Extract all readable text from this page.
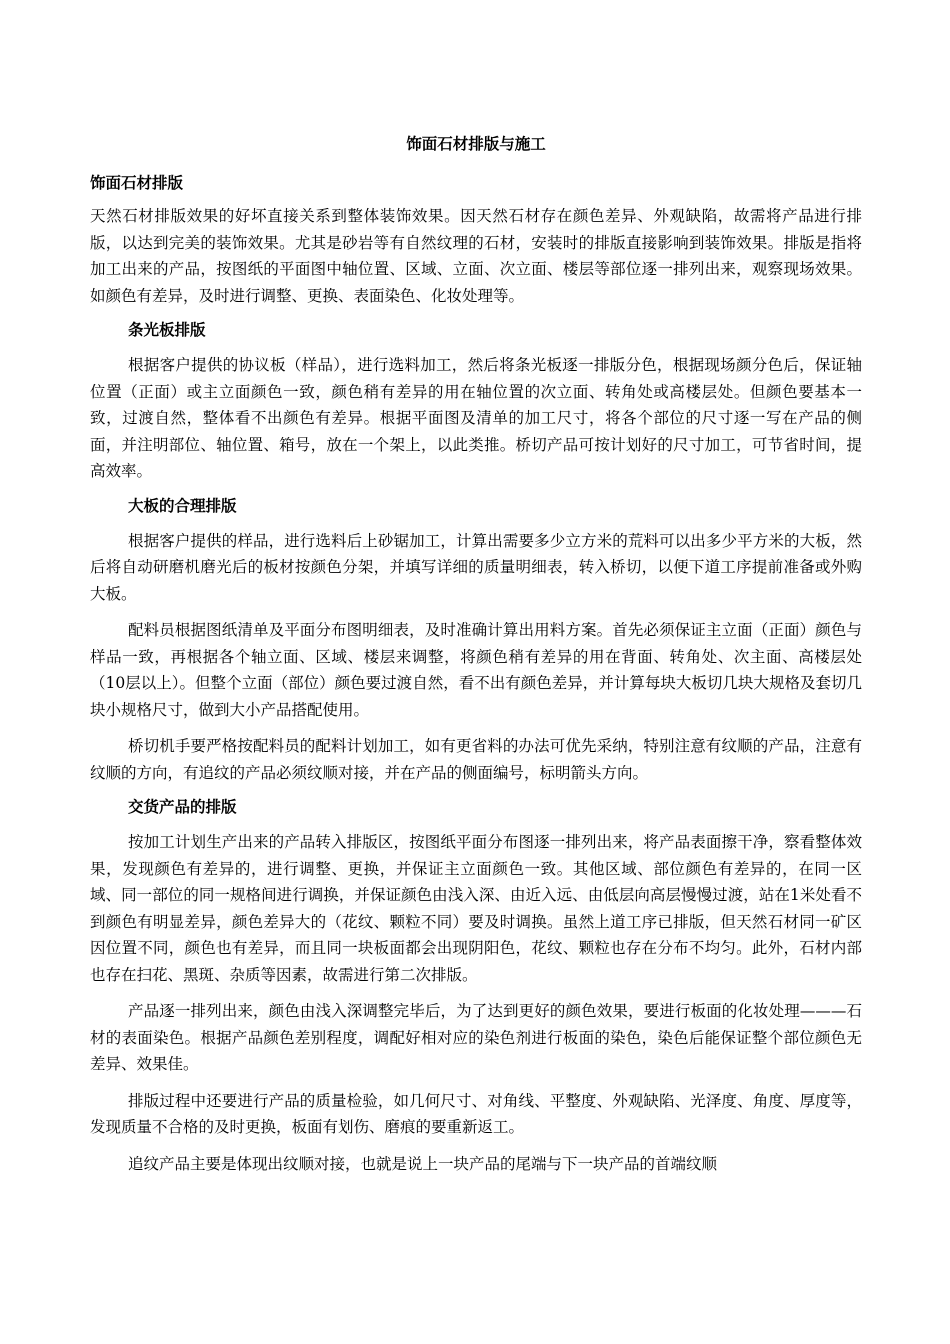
饰面石材排版与施工
饰面石材排版
天然石材排版效果的好坏直接关系到整体装饰效果。因天然石材存在颜色差异、外观缺陷，故需将产品进行排版，以达到完美的装饰效果。尤其是砂岩等有自然纹理的石材，安装时的排版直接影响到装饰效果。排版是指将加工出来的产品，按图纸的平面图中轴位置、区域、立面、次立面、楼层等部位逐一排列出来，观察现场效果。如颜色有差异，及时进行调整、更换、表面染色、化妆处理等。
条光板排版
根据客户提供的协议板（样品），进行选料加工，然后将条光板逐一排版分色，根据现场颜分色后，保证轴位置（正面）或主立面颜色一致，颜色稍有差异的用在轴位置的次立面、转角处或高楼层处。但颜色要基本一致，过渡自然，整体看不出颜色有差异。根据平面图及清单的加工尺寸，将各个部位的尺寸逐一写在产品的侧面，并注明部位、轴位置、箱号，放在一个架上，以此类推。桥切产品可按计划好的尺寸加工，可节省时间，提高效率。
大板的合理排版
根据客户提供的样品，进行选料后上砂锯加工，计算出需要多少立方米的荒料可以出多少平方米的大板，然后将自动研磨机磨光后的板材按颜色分架，并填写详细的质量明细表，转入桥切，以便下道工序提前准备或外购大板。
配料员根据图纸清单及平面分布图明细表，及时准确计算出用料方案。首先必须保证主立面（正面）颜色与样品一致，再根据各个轴立面、区域、楼层来调整，将颜色稍有差异的用在背面、转角处、次主面、高楼层处（10层以上）。但整个立面（部位）颜色要过渡自然，看不出有颜色差异，并计算每块大板切几块大规格及套切几块小规格尺寸，做到大小产品搭配使用。
桥切机手要严格按配料员的配料计划加工，如有更省料的办法可优先采纳，特别注意有纹顺的产品，注意有纹顺的方向，有追纹的产品必须纹顺对接，并在产品的侧面编号，标明箭头方向。
交货产品的排版
按加工计划生产出来的产品转入排版区，按图纸平面分布图逐一排列出来，将产品表面擦干净，察看整体效果，发现颜色有差异的，进行调整、更换，并保证主立面颜色一致。其他区域、部位颜色有差异的，在同一区域、同一部位的同一规格间进行调换，并保证颜色由浅入深、由近入远、由低层向高层慢慢过渡，站在1米处看不到颜色有明显差异，颜色差异大的（花纹、颗粒不同）要及时调换。虽然上道工序已排版，但天然石材同一矿区因位置不同，颜色也有差异，而且同一块板面都会出现阴阳色，花纹、颗粒也存在分布不均匀。此外，石材内部也存在扫花、黑斑、杂质等因素，故需进行第二次排版。
产品逐一排列出来，颜色由浅入深调整完毕后，为了达到更好的颜色效果，要进行板面的化妆处理———石材的表面染色。根据产品颜色差别程度，调配好相对应的染色剂进行板面的染色，染色后能保证整个部位颜色无差异、效果佳。
排版过程中还要进行产品的质量检验，如几何尺寸、对角线、平整度、外观缺陷、光泽度、角度、厚度等，发现质量不合格的及时更换，板面有划伤、磨痕的要重新返工。
追纹产品主要是体现出纹顺对接，也就是说上一块产品的尾端与下一块产品的首端纹顺
